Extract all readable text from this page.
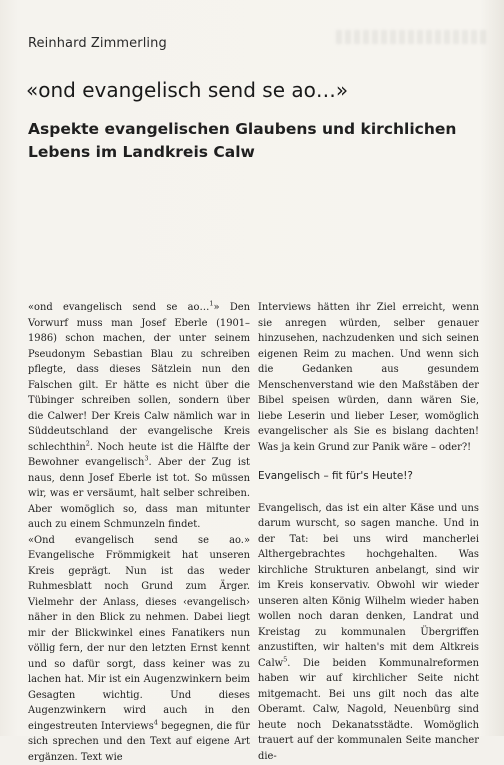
Reinhard Zimmerling
«ond evangelisch send se ao…»
Aspekte evangelischen Glaubens und kirchlichen Lebens im Landkreis Calw

«ond evangelisch send se ao…$^1$» Den Vorwurf muss man Josef Eberle (1901–1986) schon machen, der unter seinem Pseudonym Sebastian Blau zu schreiben pflegte, dass dieses Sätzlein nun den Falschen gilt. Er hätte es nicht über die Tübinger schreiben sollen, sondern über die Calwer! Der Kreis Calw nämlich war in Süddeutschland der evangelische Kreis schlechthin$^2$. Noch heute ist die Hälfte der Bewohner evangelisch$^3$. Aber der Zug ist naus, denn Josef Eberle ist tot. So müssen wir, was er versäumt, halt selber schreiben. Aber womöglich so, dass man mitunter auch zu einem Schmunzeln findet.

«Ond evangelisch send se ao.» Evangelische Frömmigkeit hat unseren Kreis geprägt. Nun ist das weder Ruhmesblatt noch Grund zum Ärger. Vielmehr der Anlass, dieses ‹evangelisch› näher in den Blick zu nehmen. Dabei liegt mir der Blickwinkel eines Fanatikers nun völlig fern, der nur den letzten Ernst kennt und so dafür sorgt, dass keiner was zu lachen hat. Mir ist ein Augenzwinkern beim Gesagten wichtig. Und dieses Augenzwinkern wird auch in den eingestreuten Interviews$^4$ begegnen, die für sich sprechen und den Text auf eigene Art ergänzen. Text wie

Interviews hätten ihr Ziel erreicht, wenn sie anregen würden, selber genauer hinzusehen, nachzudenken und sich seinen eigenen Reim zu machen. Und wenn sich die Gedanken aus gesundem Menschenverstand wie den Maßstäben der Bibel speisen würden, dann wären Sie, liebe Leserin und lieber Leser, womöglich evangelischer als Sie es bislang dachten! Was ja kein Grund zur Panik wäre – oder?!

Evangelisch – fit für's Heute!?

Evangelisch, das ist ein alter Käse und uns darum wurscht, so sagen manche. Und in der Tat: bei uns wird mancherlei Althergebrachtes hochgehalten. Was kirchliche Strukturen anbelangt, sind wir im Kreis konservativ. Obwohl wir wieder unseren alten König Wilhelm wieder haben wollen noch daran denken, Landrat und Kreistag zu kommunalen Übergriffen anzustiften, wir halten's mit dem Altkreis Calw$^5$. Die beiden Kommunalreformen haben wir auf kirchlicher Seite nicht mitgemacht. Bei uns gilt noch das alte Oberamt. Calw, Nagold, Neuenbürg sind heute noch Dekanatsstädte. Womöglich trauert auf der kommunalen Seite mancher die-
